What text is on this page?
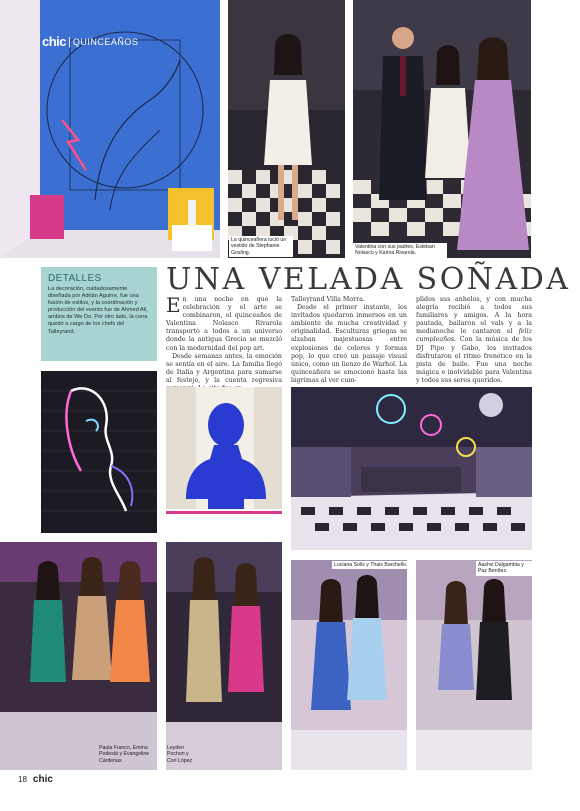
chic | QUINCEAÑOS
La quinceañera lució un vestido de Stephanie Gosling.
Valentina con sus padres, Esteban Nolasco y Karina Rivarola.
DETALLES
La decoración, cuidadosamente diseñada por Adrián Aguirre, fue una fusión de estilos, y la coordinación y producción del evento fue de Ahmed Ali, ambos de We Do. Por otro lado, la cena quedó a cargo de los chefs del Talleyrand.
UNA VELADA SOÑADA

En una noche en que la celebración y el arte se combinaron, el quinceaños de Valentina Nolasco Rivarola transportó a todos a un universo donde la antigua Grecia se mezcló con la modernidad del pop art.

Desde semanas antes, la emoción se sentía en el aire. La familia llegó de Italia y Argentina para sumarse al festejo, y la cuenta regresiva

Talleyrand Villa Morra.

Desde el primer instante, los invitados quedaron inmersos en un ambiente de mucha creatividad y originalidad. Esculturas griegas se alzaban majestuosas entre explosiones de colores y formas pop, lo que creó un paisaje visual único, como un lienzo de Warhol. La quinceañera se emocionó hasta las lágrimas al ver cum-

plidos sus anhelos, y con mucha alegría recibió a todos sus familiares y amigos. A la hora pautada, bailaron el vals y a la medianoche le cantaron el feliz cumpleaños. Con la música de los DJ Pipo y Gabo, los invitados disfrutaron el ritmo frenético en la pista de baile. Fue una noche mágica e inolvidable para Valentina y todos sus seres queridos.

Paula Franco, Emma Podestá y Evangeline Cárdenas.
Leyden Pochon y Cori López
Luciana Solis y Thais Barchello.	Aashvi Dalgambia y Paz Benítez.
18 chic
